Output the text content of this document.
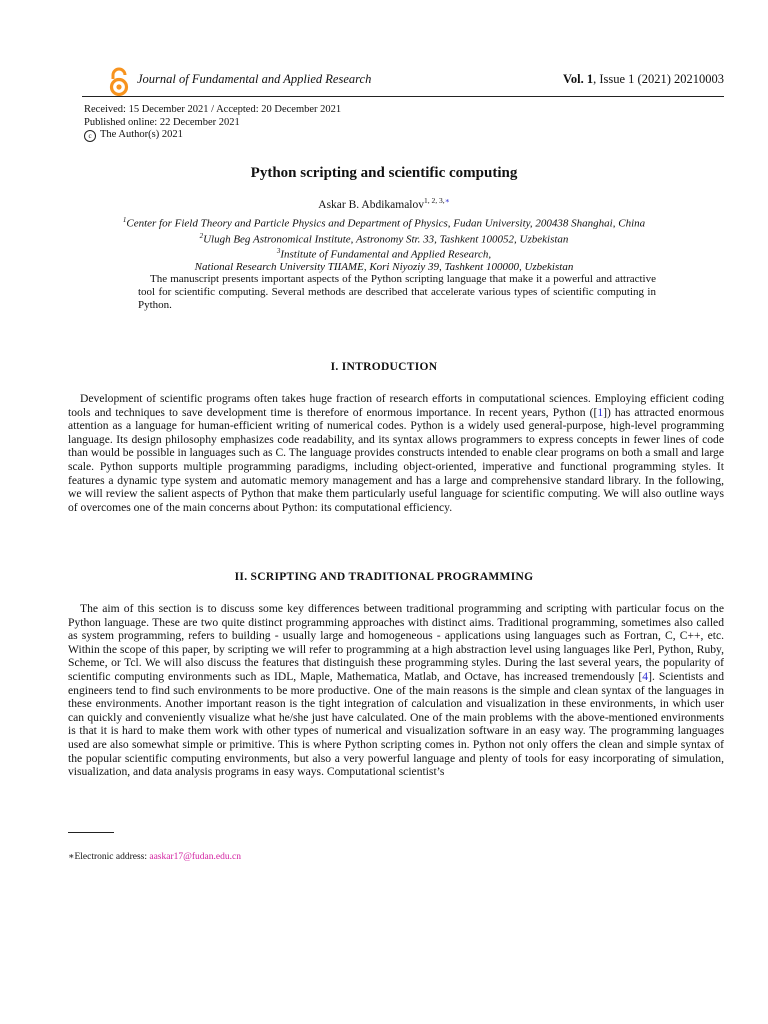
Journal of Fundamental and Applied Research	Vol. 1, Issue 1 (2021) 20210003
Received: 15 December 2021 / Accepted: 20 December 2021
Published online: 22 December 2021
c The Author(s) 2021
Python scripting and scientific computing
Askar B. Abdikamalov$^{1, 2, 3,∗}$
$^1$Center for Field Theory and Particle Physics and Department of Physics, Fudan University, 200438 Shanghai, China
$^2$Ulugh Beg Astronomical Institute, Astronomy Str. 33, Tashkent 100052, Uzbekistan
$^3$Institute of Fundamental and Applied Research,
National Research University TIIAME, Kori Niyoziy 39, Tashkent 100000, Uzbekistan

The manuscript presents important aspects of the Python scripting language that make it a powerful and attractive tool for scientific computing. Several methods are described that accelerate various types of scientific computing in Python.

I. INTRODUCTION

Development of scientific programs often takes huge fraction of research efforts in computational sciences. Employing efficient coding tools and techniques to save development time is therefore of enormous importance. In recent years, Python ([1]) has attracted enormous attention as a language for human-efficient writing of numerical codes. Python is a widely used general-purpose, high-level programming language. Its design philosophy emphasizes code readability, and its syntax allows programmers to express concepts in fewer lines of code than would be possible in languages such as C. The language provides constructs intended to enable clear programs on both a small and large scale. Python supports multiple programming paradigms, including object-oriented, imperative and functional programming styles. It features a dynamic type system and automatic memory management and has a large and comprehensive standard library. In the following, we will review the salient aspects of Python that make them particularly useful language for scientific computing. We will also outline ways of overcomes one of the main concerns about Python: its computational efficiency.

II. SCRIPTING AND TRADITIONAL PROGRAMMING

The aim of this section is to discuss some key differences between traditional programming and scripting with particular focus on the Python language. These are two quite distinct programming approaches with distinct aims. Traditional programming, sometimes also called as system programming, refers to building - usually large and homogeneous - applications using languages such as Fortran, C, C++, etc. Within the scope of this paper, by scripting we will refer to programming at a high abstraction level using languages like Perl, Python, Ruby, Scheme, or Tcl. We will also discuss the features that distinguish these programming styles. During the last several years, the popularity of scientific computing environments such as IDL, Maple, Mathematica, Matlab, and Octave, has increased tremendously [4]. Scientists and engineers tend to find such environments to be more productive. One of the main reasons is the simple and clean syntax of the languages in these environments. Another important reason is the tight integration of calculation and visualization in these environments, in which user can quickly and conveniently visualize what he/she just have calculated. One of the main problems with the above-mentioned environments is that it is hard to make them work with other types of numerical and visualization software in an easy way. The programming languages used are also somewhat simple or primitive. This is where Python scripting comes in. Python not only offers the clean and simple syntax of the popular scientific computing environments, but also a very powerful language and plenty of tools for easy incorporating of simulation, visualization, and data analysis programs in easy ways. Computational scientist’s

∗Electronic address: aaskar17@fudan.edu.cn
